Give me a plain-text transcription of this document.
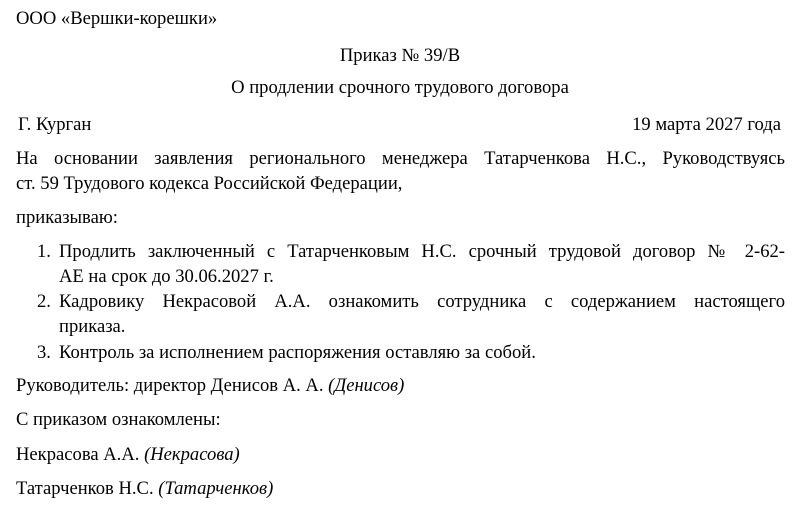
ООО «Вершки-корешки»
Приказ № 39/В
О продлении срочного трудового договора
Г. Курган	19 марта 2027 года
На основании заявления регионального менеджера Татарченкова Н.С., Руководствуясь
ст. 59 Трудового кодекса Российской Федерации,
приказываю:
1. Продлить заключенный с Татарченковым Н.С. срочный трудовой договор № 2-62-
АЕ на срок до 30.06.2027 г.
2. Кадровику Некрасовой А.А. ознакомить сотрудника с содержанием настоящего
приказа.
3. Контроль за исполнением распоряжения оставляю за собой.
Руководитель: директор Денисов А. А. (Денисов)
С приказом ознакомлены:
Некрасова А.А. (Некрасова)
Татарченков Н.С. (Татарченков)
